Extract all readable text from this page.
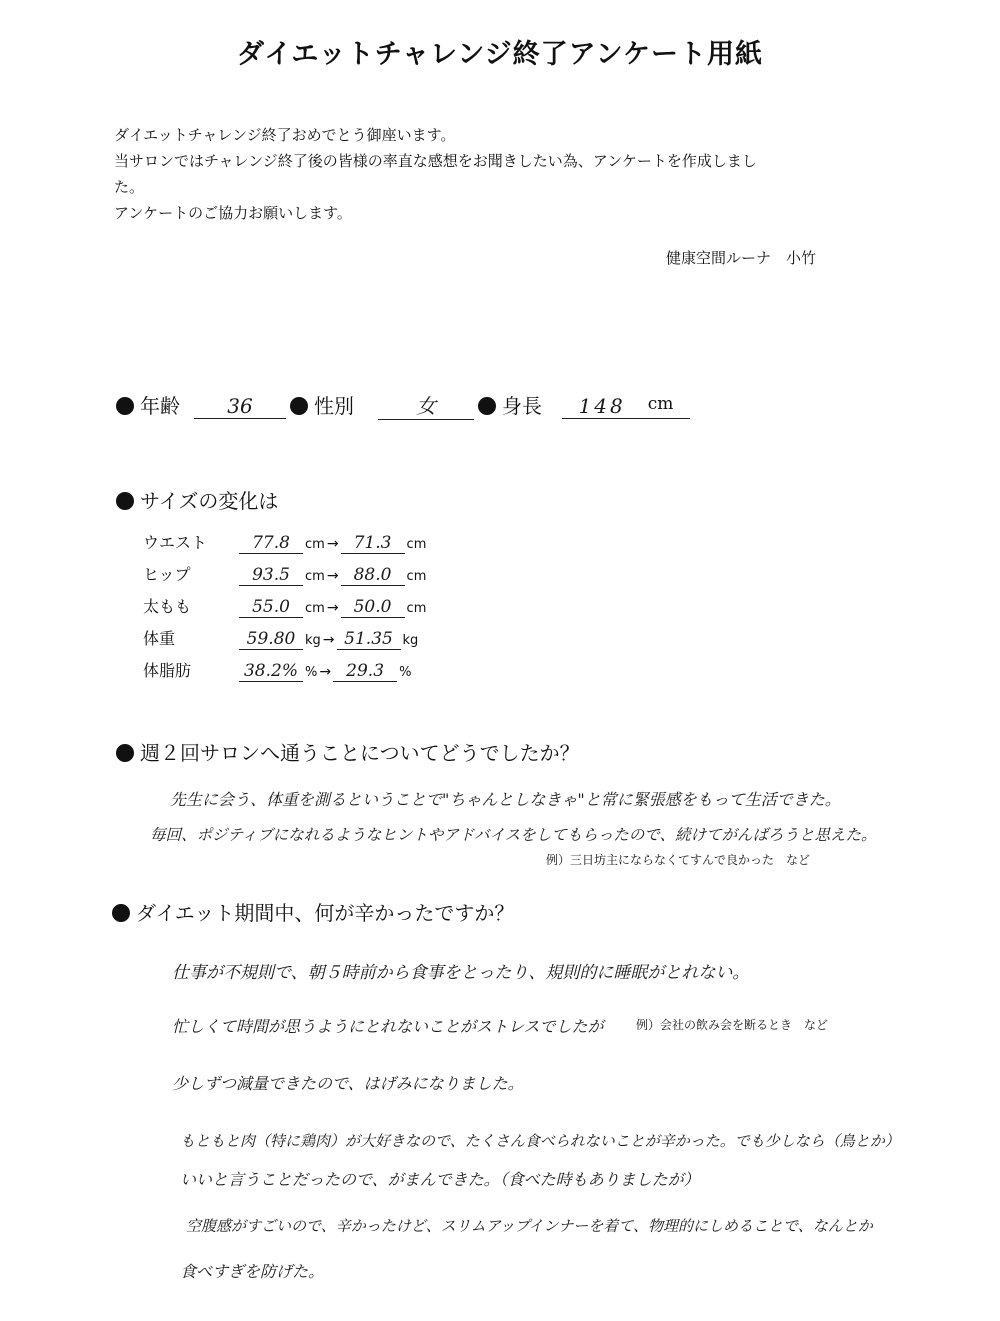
ダイエットチャレンジ終了アンケート用紙
ダイエットチャレンジ終了おめでとう御座います。
当サロンではチャレンジ終了後の皆様の率直な感想をお聞きしたい為、アンケートを作成しまし
た。
アンケートのご協力お願いします。
健康空間ルーナ　小竹
年齢	36	性別	女	身長 148 cm
サイズの変化は
ウエスト	77.8	cm → 71.3	cm
ヒップ	93.5	cm → 88.0	cm
太もも	55.0	cm → 50.0	cm
体重	59.80 kg → 51.35 kg
体脂肪	38.2% % → 29.3	%
週２回サロンへ通うことについてどうでしたか？
先生に会う、体重を測るということで"ちゃんとしなきゃ"と常に緊張感をもって生活できた。
毎回、ポジティブになれるようなヒントやアドバイスをしてもらったので、続けてがんばろうと思えた。
例）三日坊主にならなくてすんで良かった　など
ダイエット期間中、何が辛かったですか？
仕事が不規則で、朝５時前から食事をとったり、規則的に睡眠がとれない。
忙しくて時間が思うようにとれないことがストレスでしたが	例）会社の飲み会を断るとき　など
少しずつ減量できたので、はげみになりました。
もともと肉（特に鶏肉）が大好きなので、たくさん食べられないことが辛かった。でも少しなら（鳥とか）
いいと言うことだったので、がまんできた。（食べた時もありましたが）
空腹感がすごいので、辛かったけど、スリムアップインナーを着て、物理的にしめることで、なんとか
食べすぎを防げた。
